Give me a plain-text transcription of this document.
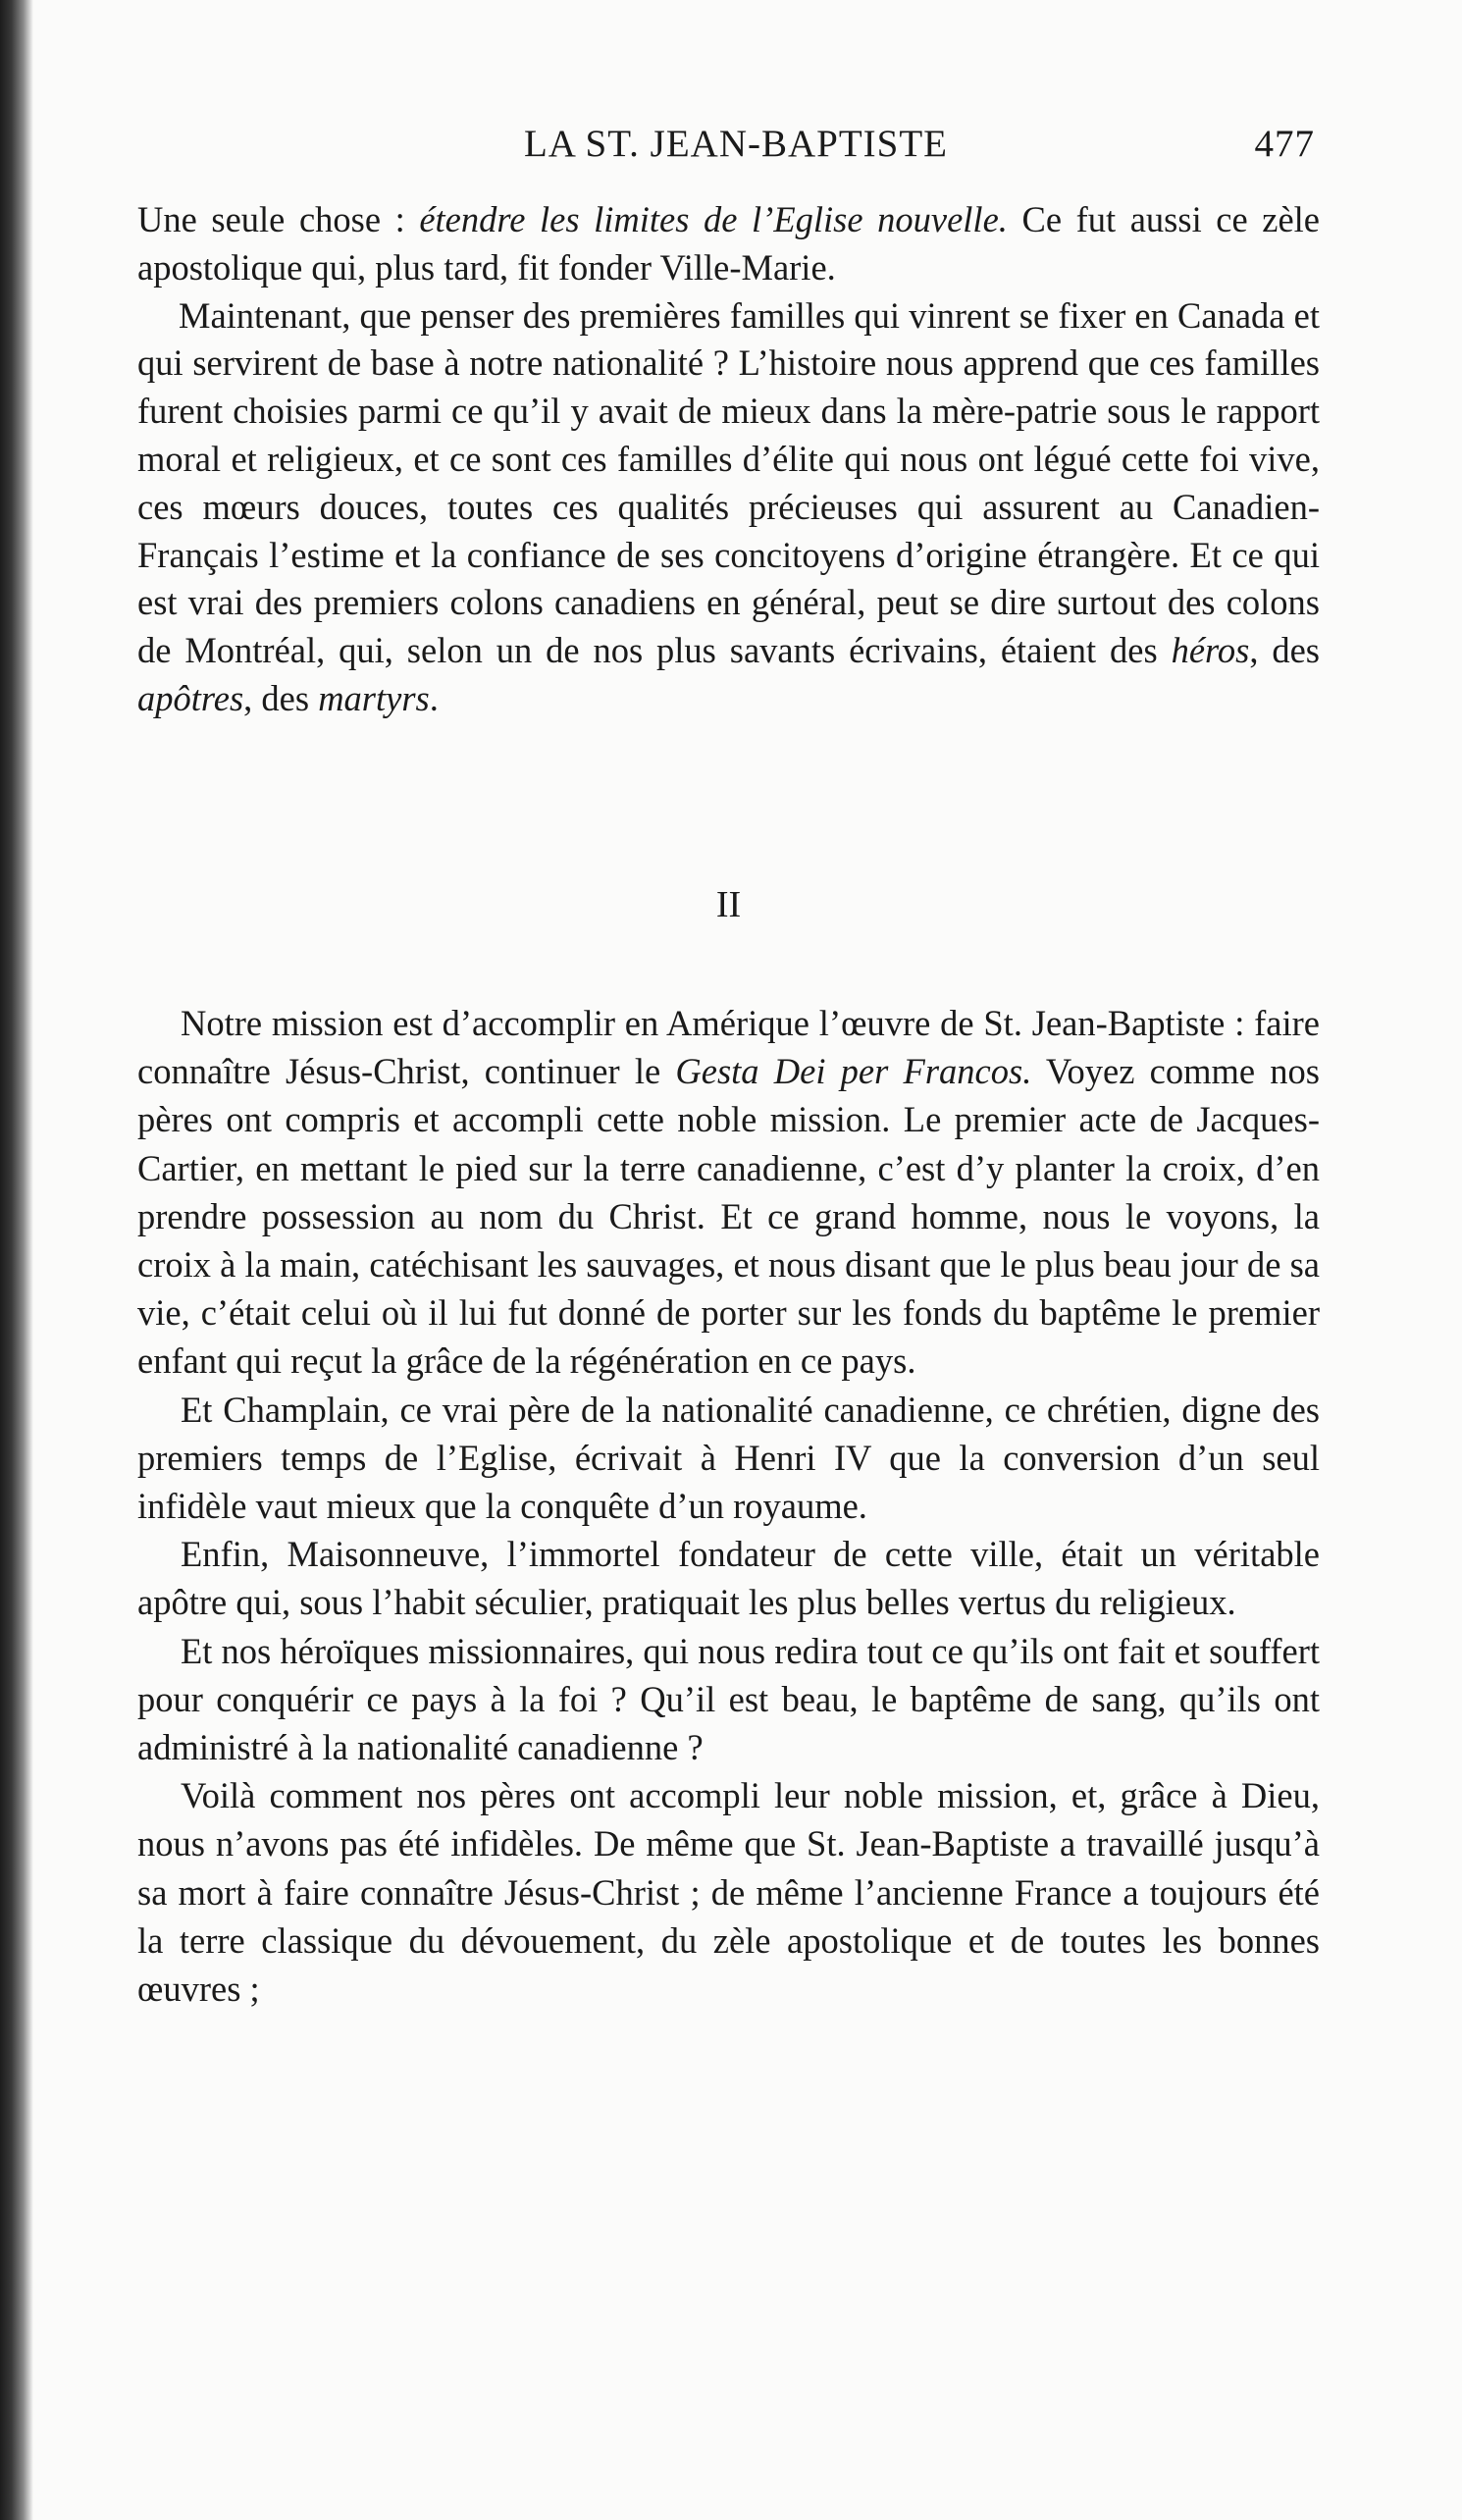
LA ST. JEAN-BAPTISTE	477

Une seule chose : étendre les limites de l’Eglise nouvelle. Ce fut aussi ce zèle apostolique qui, plus tard, fit fonder Ville-Marie.

Maintenant, que penser des premières familles qui vinrent se fixer en Canada et qui servirent de base à notre nationalité ? L’histoire nous apprend que ces familles furent choisies parmi ce qu’il y avait de mieux dans la mère-patrie sous le rapport moral et religieux, et ce sont ces familles d’élite qui nous ont légué cette foi vive, ces mœurs douces, toutes ces qualités précieuses qui assurent au Canadien-Français l’estime et la confiance de ses concitoyens d’origine étrangère. Et ce qui est vrai des premiers colons canadiens en général, peut se dire surtout des colons de Montréal, qui, selon un de nos plus savants écrivains, étaient des héros, des apôtres, des martyrs.

II

Notre mission est d’accomplir en Amérique l’œuvre de St. Jean-Baptiste : faire connaître Jésus-Christ, continuer le Gesta Dei per Francos. Voyez comme nos pères ont compris et accompli cette noble mission. Le premier acte de Jacques-Cartier, en mettant le pied sur la terre canadienne, c’est d’y planter la croix, d’en prendre possession au nom du Christ. Et ce grand homme, nous le voyons, la croix à la main, catéchisant les sauvages, et nous disant que le plus beau jour de sa vie, c’était celui où il lui fut donné de porter sur les fonds du baptême le premier enfant qui reçut la grâce de la régénération en ce pays.

Et Champlain, ce vrai père de la nationalité canadienne, ce chrétien, digne des premiers temps de l’Eglise, écrivait à Henri IV que la conversion d’un seul infidèle vaut mieux que la conquête d’un royaume.

Enfin, Maisonneuve, l’immortel fondateur de cette ville, était un véritable apôtre qui, sous l’habit séculier, pratiquait les plus belles vertus du religieux.

Et nos héroïques missionnaires, qui nous redira tout ce qu’ils ont fait et souffert pour conquérir ce pays à la foi ? Qu’il est beau, le baptême de sang, qu’ils ont administré à la nationalité canadienne ?

Voilà comment nos pères ont accompli leur noble mission, et, grâce à Dieu, nous n’avons pas été infidèles. De même que St. Jean-Baptiste a travaillé jusqu’à sa mort à faire connaître Jésus-Christ ; de même l’ancienne France a toujours été la terre classique du dévouement, du zèle apostolique et de toutes les bonnes œuvres ;
